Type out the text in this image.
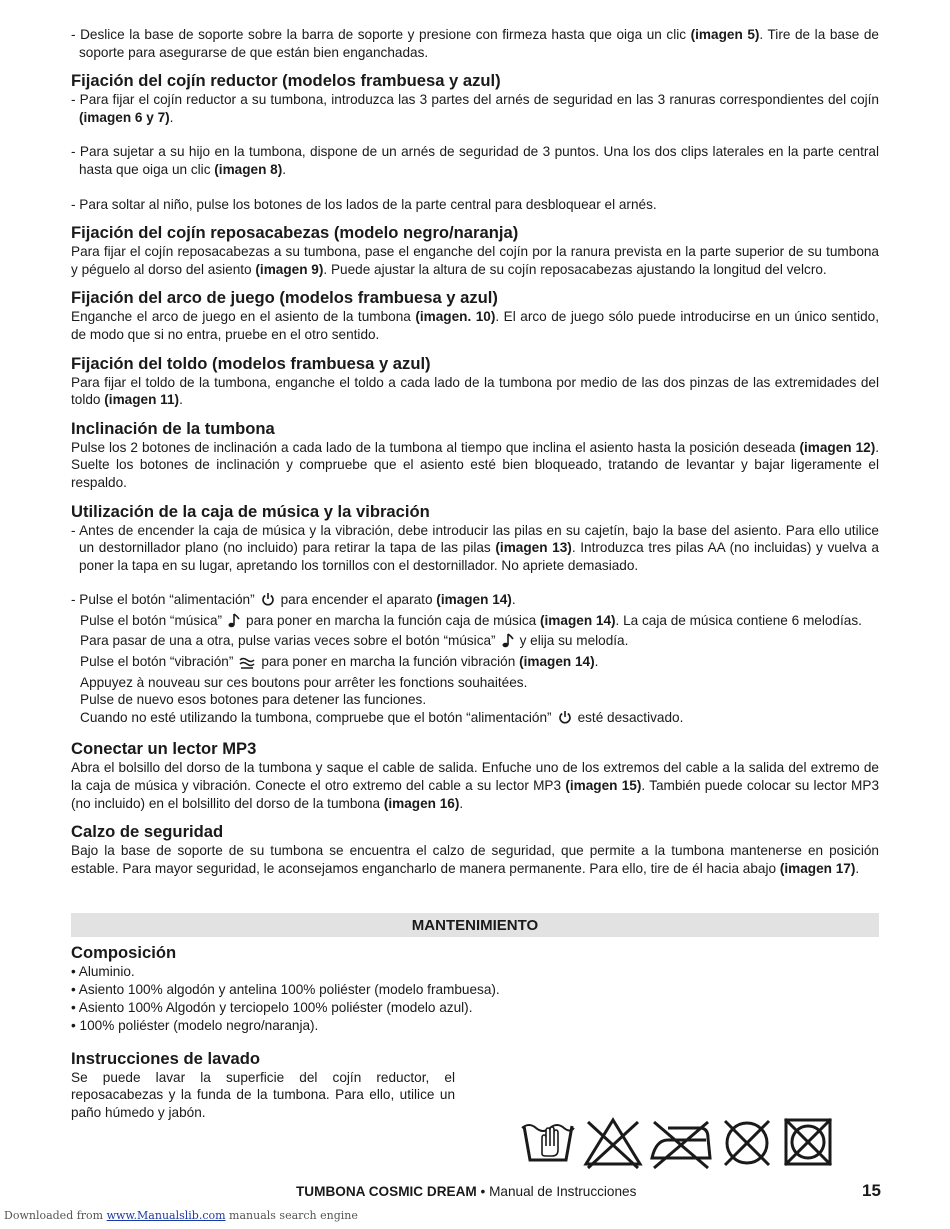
- Deslice la base de soporte sobre la barra de soporte y presione con firmeza hasta que oiga un clic (imagen 5). Tire de la base de soporte para asegurarse de que están bien enganchadas.

Fijación del cojín reductor (modelos frambuesa y azul)

- Para fijar el cojín reductor a su tumbona, introduzca las 3 partes del arnés de seguridad en las 3 ranuras correspondientes del cojín (imagen 6 y 7).

- Para sujetar a su hijo en la tumbona, dispone de un arnés de seguridad de 3 puntos. Una los dos clips laterales en la parte central hasta que oiga un clic (imagen 8).

- Para soltar al niño, pulse los botones de los lados de la parte central para desbloquear el arnés.

Fijación del cojín reposacabezas (modelo negro/naranja)

Para fijar el cojín reposacabezas a su tumbona, pase el enganche del cojín por la ranura prevista en la parte superior de su tumbona y péguelo al dorso del asiento (imagen 9). Puede ajustar la altura de su cojín reposacabezas ajustando la longitud del velcro.

Fijación del arco de juego (modelos frambuesa y azul)

Enganche el arco de juego en el asiento de la tumbona (imagen. 10). El arco de juego sólo puede introducirse en un único sentido, de modo que si no entra, pruebe en el otro sentido.

Fijación del toldo (modelos frambuesa y azul)

Para fijar el toldo de la tumbona, enganche el toldo a cada lado de la tumbona por medio de las dos pinzas de las extremidades del toldo (imagen 11).

Inclinación de la tumbona

Pulse los 2 botones de inclinación a cada lado de la tumbona al tiempo que inclina el asiento hasta la posición deseada (imagen 12). Suelte los botones de inclinación y compruebe que el asiento esté bien bloqueado, tratando de levantar y bajar ligeramente el respaldo.

Utilización de la caja de música y la vibración

- Antes de encender la caja de música y la vibración, debe introducir las pilas en su cajetín, bajo la base del asiento. Para ello utilice un destornillador plano (no incluido) para retirar la tapa de las pilas (imagen 13). Introduzca tres pilas AA (no incluidas) y vuelva a poner la tapa en su lugar, apretando los tornillos con el destornillador. No apriete demasiado.

- Pulse el botón “alimentación” para encender el aparato (imagen 14).

Pulse el botón “música” para poner en marcha la función caja de música (imagen 14). La caja de música contiene 6 melodías.

Para pasar de una a otra, pulse varias veces sobre el botón “música” y elija su melodía.

Pulse el botón “vibración” para poner en marcha la función vibración (imagen 14).

Appuyez à nouveau sur ces boutons pour arrêter les fonctions souhaitées.

Pulse de nuevo esos botones para detener las funciones.

Cuando no esté utilizando la tumbona, compruebe que el botón “alimentación” esté desactivado.

Conectar un lector MP3

Abra el bolsillo del dorso de la tumbona y saque el cable de salida. Enfuche uno de los extremos del cable a la salida del extremo de la caja de música y vibración. Conecte el otro extremo del cable a su lector MP3 (imagen 15). También puede colocar su lector MP3 (no incluido) en el bolsillito del dorso de la tumbona (imagen 16).

Calzo de seguridad

Bajo la base de soporte de su tumbona se encuentra el calzo de seguridad, que permite a la tumbona mantenerse en posición estable. Para mayor seguridad, le aconsejamos engancharlo de manera permanente. Para ello, tire de él hacia abajo (imagen 17).

MANTENIMIENTO
Composición

• Aluminio.

• Asiento 100% algodón y antelina 100% poliéster (modelo frambuesa).

• Asiento 100% Algodón y terciopelo 100% poliéster (modelo azul).

• 100% poliéster (modelo negro/naranja).

Instrucciones de lavado

Se puede lavar la superficie del cojín reductor, el reposacabezas y la funda de la tumbona. Para ello, utilice un paño húmedo y jabón.

TUMBONA COSMIC DREAM • Manual de Instrucciones	15
Downloaded from www.Manualslib.com manuals search engine
